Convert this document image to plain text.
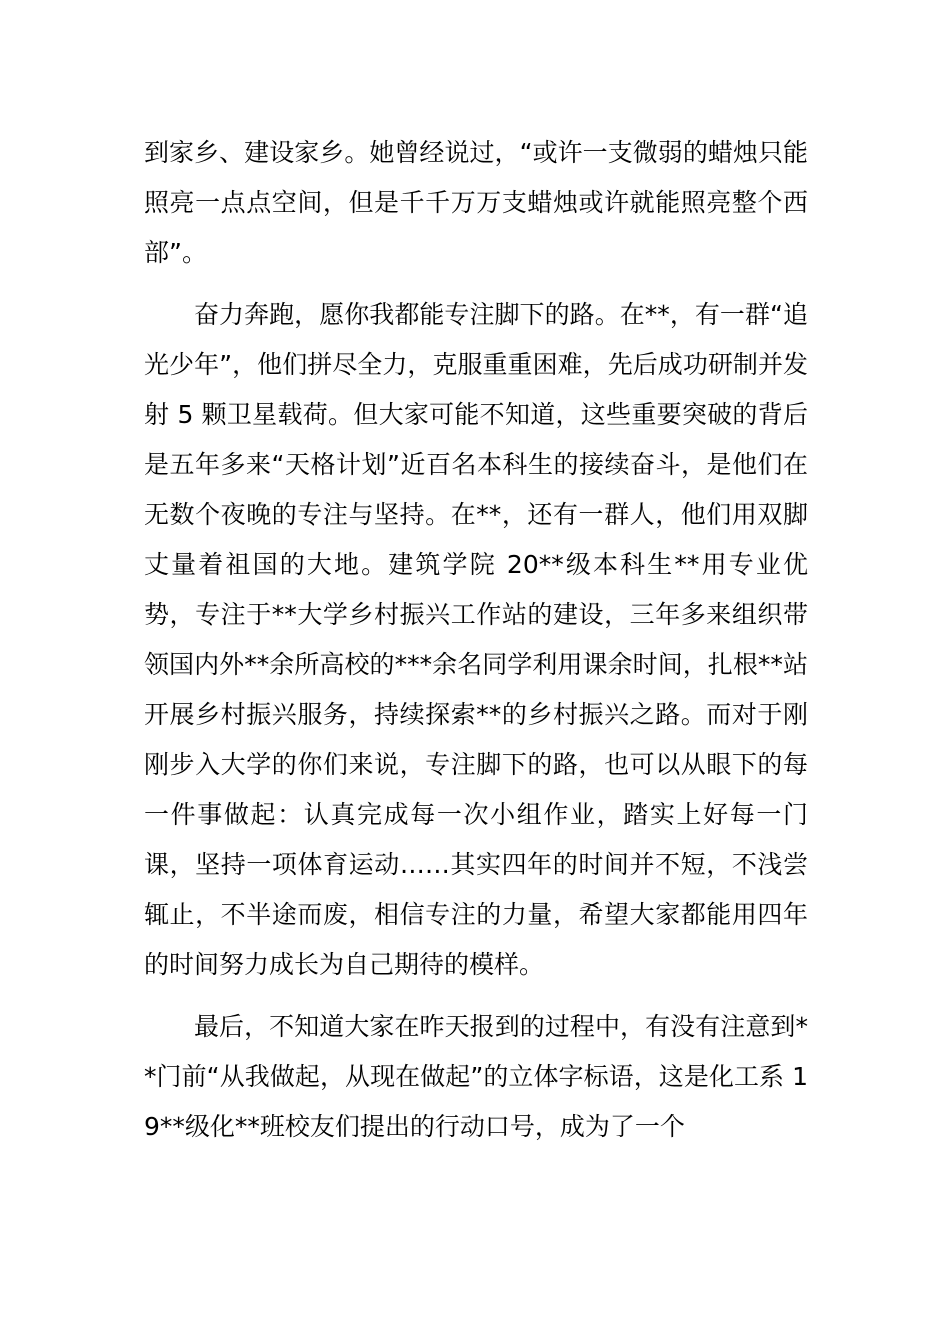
到家乡、建设家乡。她曾经说过，“或许一支微弱的蜡烛只能照亮一点点空间，但是千千万万支蜡烛或许就能照亮整个西部”。

奋力奔跑，愿你我都能专注脚下的路。在**，有一群“追光少年”，他们拼尽全力，克服重重困难，先后成功研制并发射 5 颗卫星载荷。但大家可能不知道，这些重要突破的背后是五年多来“天格计划”近百名本科生的接续奋斗，是他们在无数个夜晚的专注与坚持。在**，还有一群人，他们用双脚丈量着祖国的大地。建筑学院 20**级本科生**用专业优势，专注于**大学乡村振兴工作站的建设，三年多来组织带领国内外**余所高校的***余名同学利用课余时间，扎根**站开展乡村振兴服务，持续探索**的乡村振兴之路。而对于刚刚步入大学的你们来说，专注脚下的路，也可以从眼下的每一件事做起：认真完成每一次小组作业，踏实上好每一门课，坚持一项体育运动……其实四年的时间并不短，不浅尝辄止，不半途而废，相信专注的力量，希望大家都能用四年的时间努力成长为自己期待的模样。

最后，不知道大家在昨天报到的过程中，有没有注意到**门前“从我做起，从现在做起”的立体字标语，这是化工系 19**级化**班校友们提出的行动口号，成为了一个
